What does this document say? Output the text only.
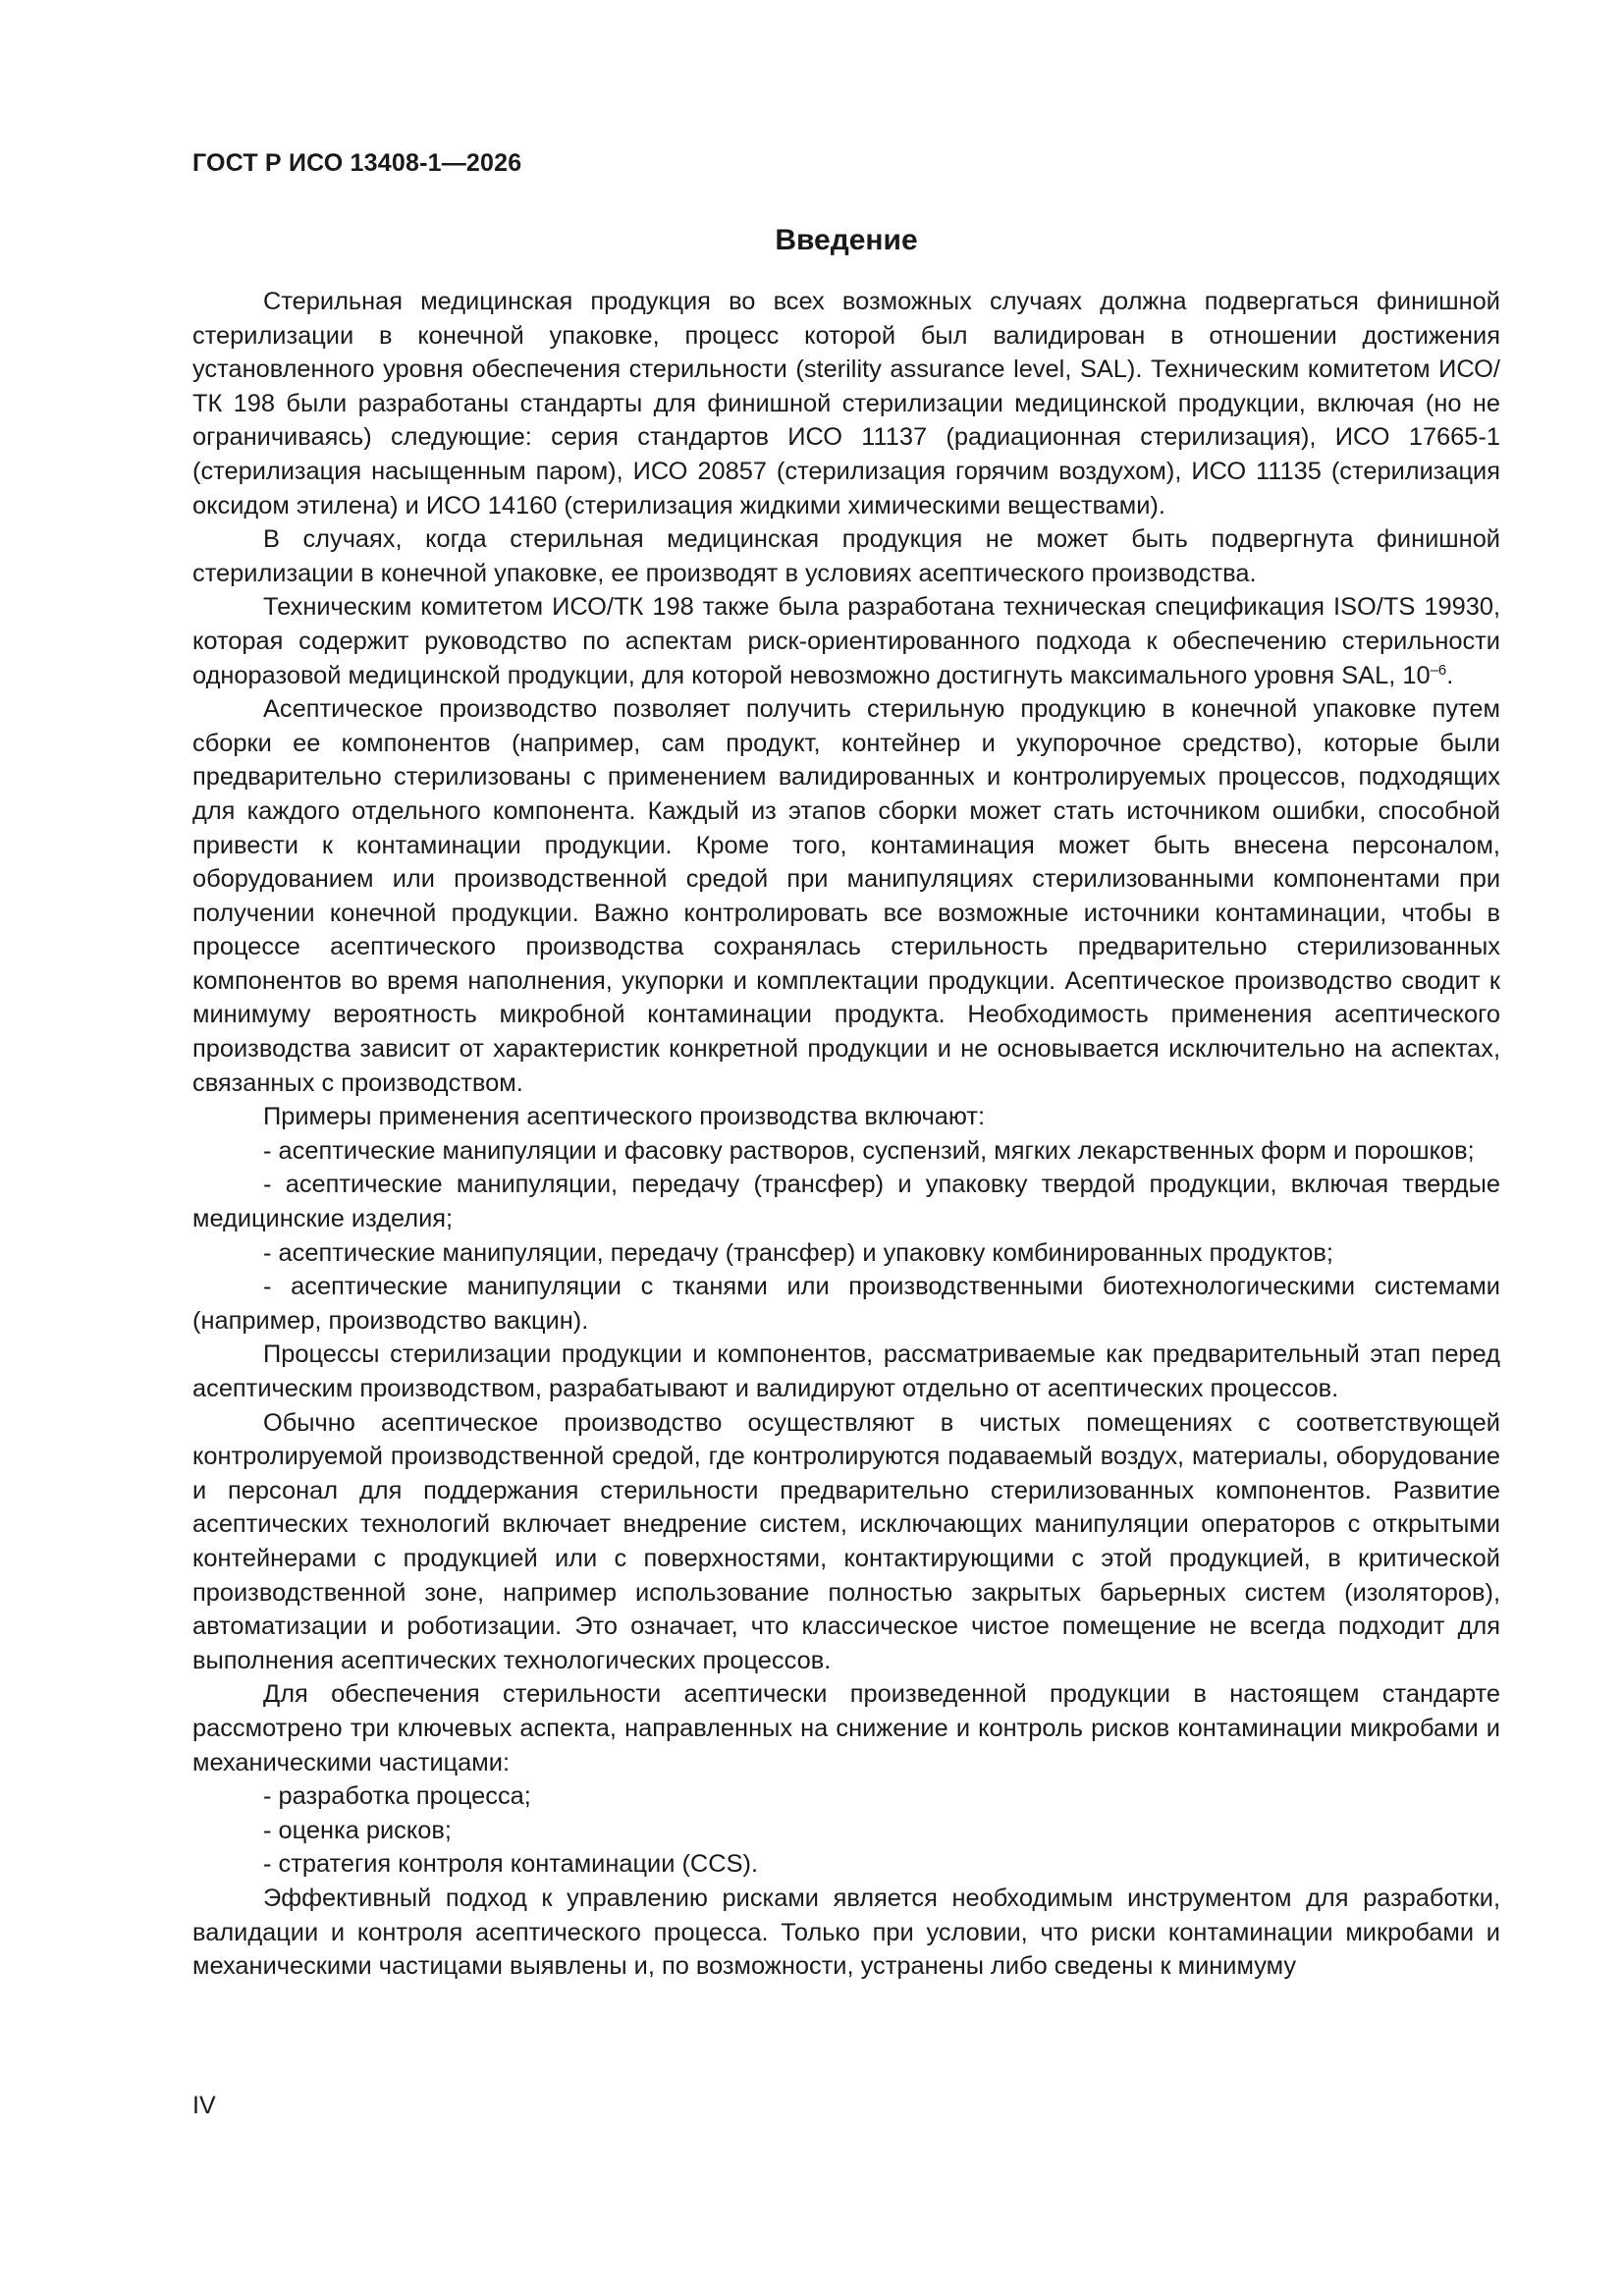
ГОСТ Р ИСО 13408-1—2026
Введение

Стерильная медицинская продукция во всех возможных случаях должна подвергаться финишной стерилизации в конечной упаковке, процесс которой был валидирован в отношении достижения установленного уровня обеспечения стерильности (sterility assurance level, SAL). Техническим комитетом ИСО/ТК 198 были разработаны стандарты для финишной стерилизации медицинской продукции, включая (но не ограничиваясь) следующие: серия стандартов ИСО 11137 (радиационная стерилизация), ИСО 17665-1 (стерилизация насыщенным паром), ИСО 20857 (стерилизация горячим воздухом), ИСО 11135 (стерилизация оксидом этилена) и ИСО 14160 (стерилизация жидкими химическими веществами).

В случаях, когда стерильная медицинская продукция не может быть подвергнута финишной стерилизации в конечной упаковке, ее производят в условиях асептического производства.

Техническим комитетом ИСО/ТК 198 также была разработана техническая спецификация ISO/TS 19930, которая содержит руководство по аспектам риск-ориентированного подхода к обеспечению стерильности одноразовой медицинской продукции, для которой невозможно достигнуть максимального уровня SAL, $10^{-6}$.

Асептическое производство позволяет получить стерильную продукцию в конечной упаковке путем сборки ее компонентов (например, сам продукт, контейнер и укупорочное средство), которые были предварительно стерилизованы с применением валидированных и контролируемых процессов, подходящих для каждого отдельного компонента. Каждый из этапов сборки может стать источником ошибки, способной привести к контаминации продукции. Кроме того, контаминация может быть внесена персоналом, оборудованием или производственной средой при манипуляциях стерилизованными компонентами при получении конечной продукции. Важно контролировать все возможные источники контаминации, чтобы в процессе асептического производства сохранялась стерильность предварительно стерилизованных компонентов во время наполнения, укупорки и комплектации продукции. Асептическое производство сводит к минимуму вероятность микробной контаминации продукта. Необходимость применения асептического производства зависит от характеристик конкретной продукции и не основывается исключительно на аспектах, связанных с производством.

Примеры применения асептического производства включают:

- асептические манипуляции и фасовку растворов, суспензий, мягких лекарственных форм и порошков;

- асептические манипуляции, передачу (трансфер) и упаковку твердой продукции, включая твердые медицинские изделия;

- асептические манипуляции, передачу (трансфер) и упаковку комбинированных продуктов;

- асептические манипуляции с тканями или производственными биотехнологическими системами (например, производство вакцин).

Процессы стерилизации продукции и компонентов, рассматриваемые как предварительный этап перед асептическим производством, разрабатывают и валидируют отдельно от асептических процессов.

Обычно асептическое производство осуществляют в чистых помещениях с соответствующей контролируемой производственной средой, где контролируются подаваемый воздух, материалы, оборудование и персонал для поддержания стерильности предварительно стерилизованных компонентов. Развитие асептических технологий включает внедрение систем, исключающих манипуляции операторов с открытыми контейнерами с продукцией или с поверхностями, контактирующими с этой продукцией, в критической производственной зоне, например использование полностью закрытых барьерных систем (изоляторов), автоматизации и роботизации. Это означает, что классическое чистое помещение не всегда подходит для выполнения асептических технологических процессов.

Для обеспечения стерильности асептически произведенной продукции в настоящем стандарте рассмотрено три ключевых аспекта, направленных на снижение и контроль рисков контаминации микробами и механическими частицами:

- разработка процесса;

- оценка рисков;

- стратегия контроля контаминации (CCS).

Эффективный подход к управлению рисками является необходимым инструментом для разработки, валидации и контроля асептического процесса. Только при условии, что риски контаминации микробами и механическими частицами выявлены и, по возможности, устранены либо сведены к минимуму

IV
